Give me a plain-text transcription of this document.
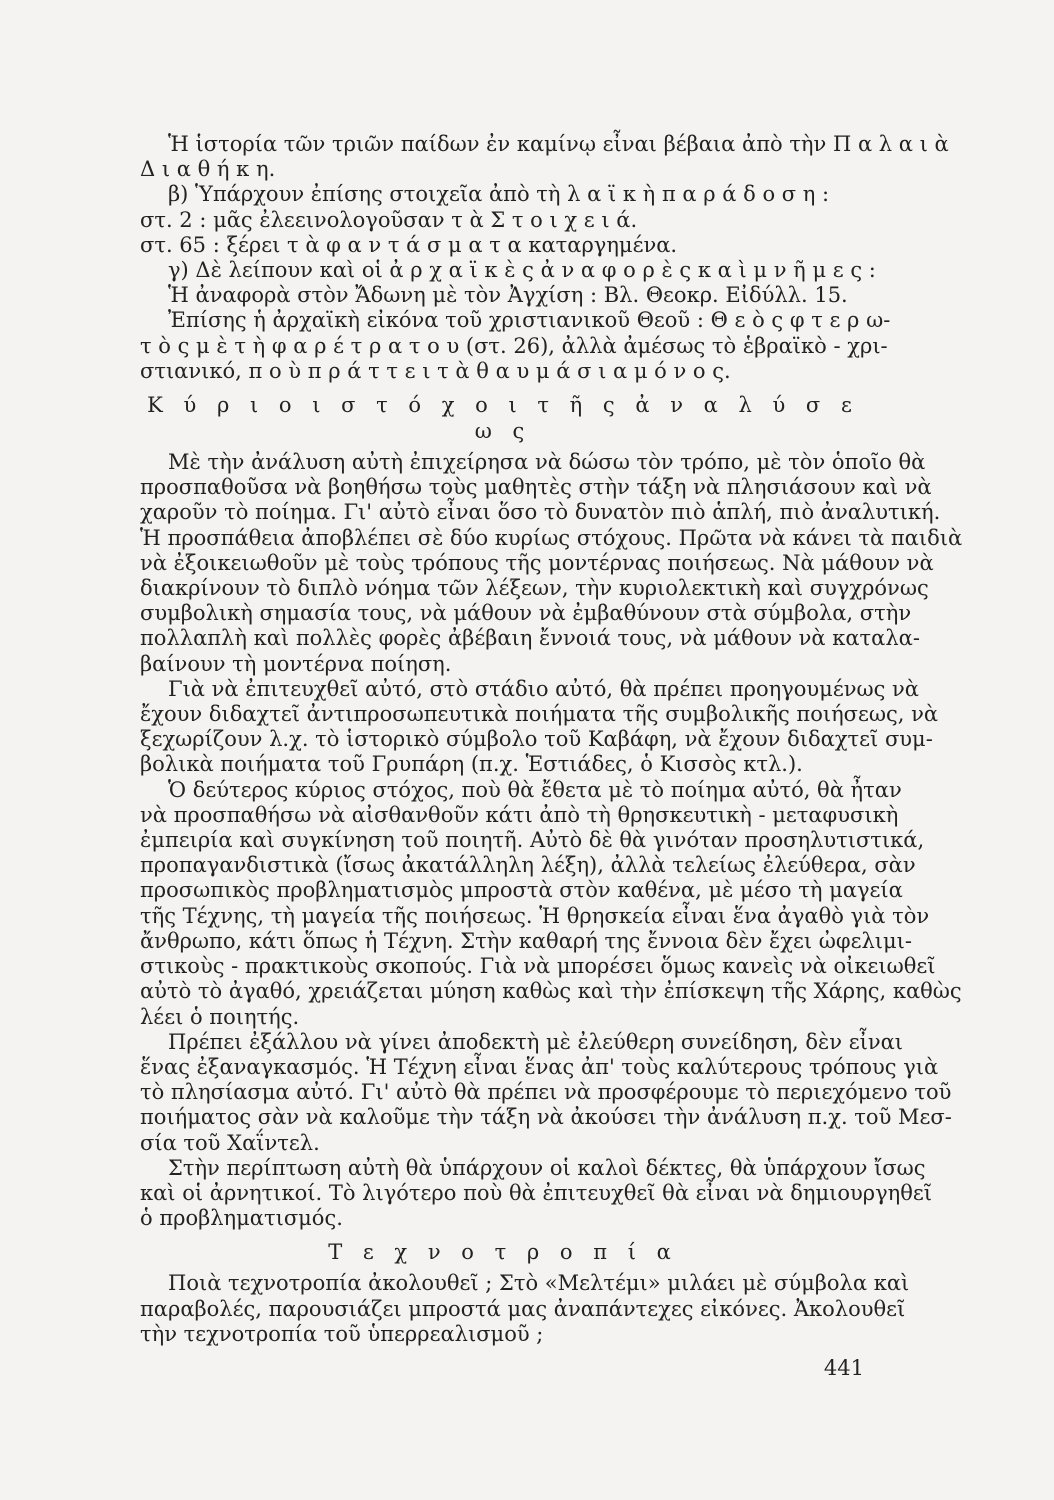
Ἡ ἱστορία τῶν τριῶν παίδων ἐν καμίνῳ εἶναι βέβαια ἀπὸ τὴν Π α λ α ι ὰ

Δ ι α θ ή κ η.

β) Ὑπάρχουν ἐπίσης στοιχεῖα ἀπὸ τὴ λ α ϊ κ ὴ π α ρ ά δ ο σ η :

στ. 2 : μᾶς ἐλεεινολογοῦσαν τ ὰ Σ τ ο ι χ ε ι ά.

στ. 65 : ξέρει τ ὰ φ α ν τ ά σ μ α τ α καταργημένα.

γ) Δὲ λείπουν καὶ οἱ ἀ ρ χ α ϊ κ ὲ ς ἀ ν α φ ο ρ ὲ ς κ α ὶ μ ν ῆ μ ε ς :

Ἡ ἀναφορὰ στὸν Ἄδωνη μὲ τὸν Ἀγχίση : Βλ. Θεοκρ. Εἰδύλλ. 15.

Ἐπίσης ἡ ἀρχαϊκὴ εἰκόνα τοῦ χριστιανικοῦ Θεοῦ : Θ ε ὸ ς φ τ ε ρ ω-

τ ὸ ς μ ὲ τ ὴ φ α ρ έ τ ρ α τ ο υ (στ. 26), ἀλλὰ ἀμέσως τὸ ἑβραϊκὸ - χρι-

στιανικό, π ο ὺ π ρ ά τ τ ε ι τ ὰ θ α υ μ ά σ ι α μ ό ν ο ς.

Κ ύ ρ ι ο ι σ τ ό χ ο ι τ ῆ ς ἀ ν α λ ύ σ ε ω ς

Μὲ τὴν ἀνάλυση αὐτὴ ἐπιχείρησα νὰ δώσω τὸν τρόπο, μὲ τὸν ὁποῖο θὰ

προσπαθοῦσα νὰ βοηθήσω τοὺς μαθητὲς στὴν τάξη νὰ πλησιάσουν καὶ νὰ

χαροῦν τὸ ποίημα. Γι' αὐτὸ εἶναι ὅσο τὸ δυνατὸν πιὸ ἁπλή, πιὸ ἀναλυτική.

Ἡ προσπάθεια ἀποβλέπει σὲ δύο κυρίως στόχους. Πρῶτα νὰ κάνει τὰ παιδιὰ

νὰ ἐξοικειωθοῦν μὲ τοὺς τρόπους τῆς μοντέρνας ποιήσεως. Νὰ μάθουν νὰ

διακρίνουν τὸ διπλὸ νόημα τῶν λέξεων, τὴν κυριολεκτικὴ καὶ συγχρόνως

συμβολικὴ σημασία τους, νὰ μάθουν νὰ ἐμβαθύνουν στὰ σύμβολα, στὴν

πολλαπλὴ καὶ πολλὲς φορὲς ἀβέβαιη ἔννοιά τους, νὰ μάθουν νὰ καταλα-

βαίνουν τὴ μοντέρνα ποίηση.

Γιὰ νὰ ἐπιτευχθεῖ αὐτό, στὸ στάδιο αὐτό, θὰ πρέπει προηγουμένως νὰ

ἔχουν διδαχτεῖ ἀντιπροσωπευτικὰ ποιήματα τῆς συμβολικῆς ποιήσεως, νὰ

ξεχωρίζουν λ.χ. τὸ ἱστορικὸ σύμβολο τοῦ Καβάφη, νὰ ἔχουν διδαχτεῖ συμ-

βολικὰ ποιήματα τοῦ Γρυπάρη (π.χ. Ἑστιάδες, ὁ Κισσὸς κτλ.).

Ὁ δεύτερος κύριος στόχος, ποὺ θὰ ἔθετα μὲ τὸ ποίημα αὐτό, θὰ ἦταν

νὰ προσπαθήσω νὰ αἰσθανθοῦν κάτι ἀπὸ τὴ θρησκευτικὴ - μεταφυσικὴ

ἐμπειρία καὶ συγκίνηση τοῦ ποιητῆ. Αὐτὸ δὲ θὰ γινόταν προσηλυτιστικά,

προπαγανδιστικὰ (ἴσως ἀκατάλληλη λέξη), ἀλλὰ τελείως ἐλεύθερα, σὰν

προσωπικὸς προβληματισμὸς μπροστὰ στὸν καθένα, μὲ μέσο τὴ μαγεία

τῆς Τέχνης, τὴ μαγεία τῆς ποιήσεως. Ἡ θρησκεία εἶναι ἕνα ἀγαθὸ γιὰ τὸν

ἄνθρωπο, κάτι ὅπως ἡ Τέχνη. Στὴν καθαρή της ἔννοια δὲν ἔχει ὠφελιμι-

στικοὺς - πρακτικοὺς σκοπούς. Γιὰ νὰ μπορέσει ὅμως κανεὶς νὰ οἰκειωθεῖ

αὐτὸ τὸ ἀγαθό, χρειάζεται μύηση καθὼς καὶ τὴν ἐπίσκεψη τῆς Χάρης, καθὼς

λέει ὁ ποιητής.

Πρέπει ἐξάλλου νὰ γίνει ἀποδεκτὴ μὲ ἐλεύθερη συνείδηση, δὲν εἶναι

ἕνας ἐξαναγκασμός. Ἡ Τέχνη εἶναι ἕνας ἀπ' τοὺς καλύτερους τρόπους γιὰ

τὸ πλησίασμα αὐτό. Γι' αὐτὸ θὰ πρέπει νὰ προσφέρουμε τὸ περιεχόμενο τοῦ

ποιήματος σὰν νὰ καλοῦμε τὴν τάξη νὰ ἀκούσει τὴν ἀνάλυση π.χ. τοῦ Μεσ-

σία τοῦ Χαΐντελ.

Στὴν περίπτωση αὐτὴ θὰ ὑπάρχουν οἱ καλοὶ δέκτες, θὰ ὑπάρχουν ἴσως

καὶ οἱ ἀρνητικοί. Τὸ λιγότερο ποὺ θὰ ἐπιτευχθεῖ θὰ εἶναι νὰ δημιουργηθεῖ

ὁ προβληματισμός.

Τ ε χ ν ο τ ρ ο π ί α

Ποιὰ τεχνοτροπία ἀκολουθεῖ ; Στὸ «Μελτέμι» μιλάει μὲ σύμβολα καὶ

παραβολές, παρουσιάζει μπροστά μας ἀναπάντεχες εἰκόνες. Ἀκολουθεῖ

τὴν τεχνοτροπία τοῦ ὑπερρεαλισμοῦ ;

441
